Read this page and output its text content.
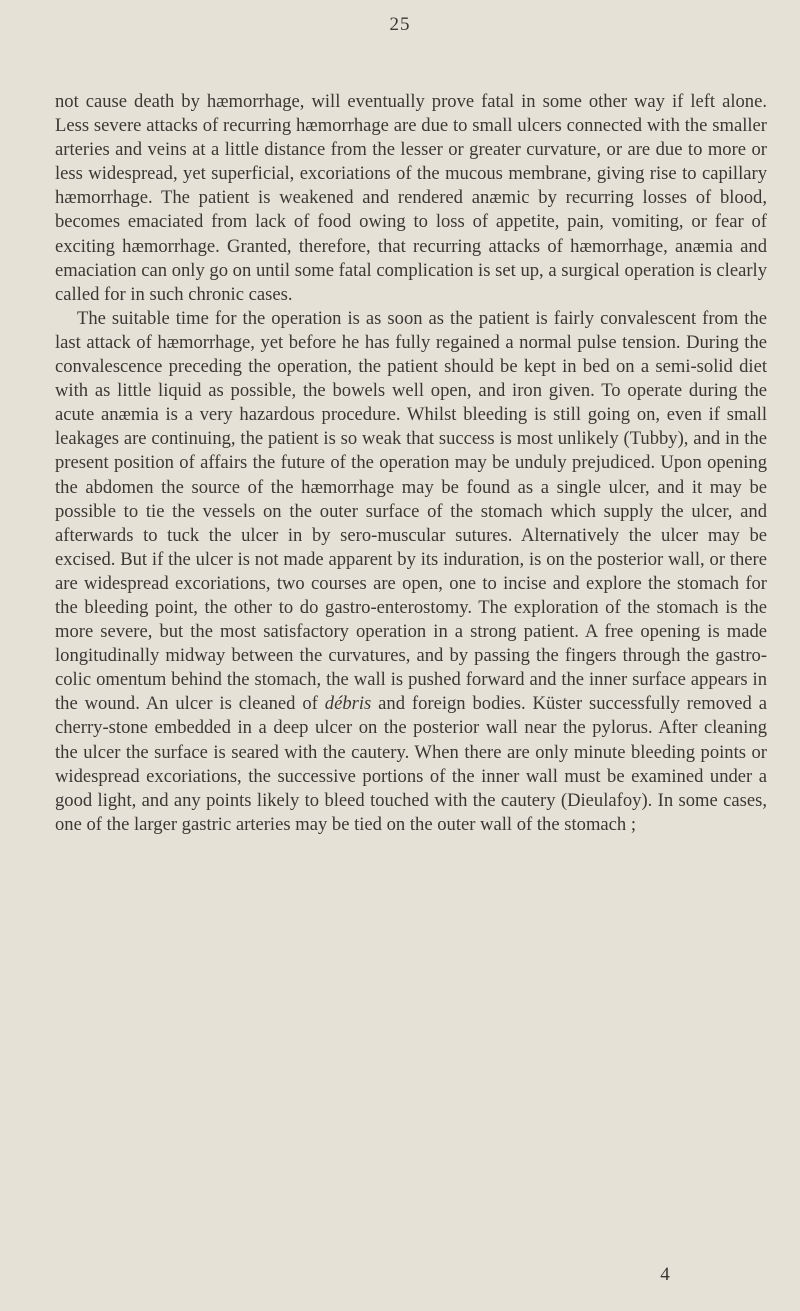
25

not cause death by hæmorrhage, will eventually prove fatal in some other way if left alone. Less severe attacks of recurring hæmorrhage are due to small ulcers connected with the smaller arteries and veins at a little distance from the lesser or greater curvature, or are due to more or less widespread, yet superficial, excoriations of the mucous membrane, giving rise to capillary hæmorrhage. The patient is weakened and rendered anæmic by recurring losses of blood, becomes emaciated from lack of food owing to loss of appetite, pain, vomiting, or fear of exciting hæmorrhage. Granted, therefore, that recurring attacks of hæmorrhage, anæmia and emaciation can only go on until some fatal complication is set up, a surgical operation is clearly called for in such chronic cases.

The suitable time for the operation is as soon as the patient is fairly convalescent from the last attack of hæmorrhage, yet before he has fully regained a normal pulse tension. During the convalescence preceding the operation, the patient should be kept in bed on a semi-solid diet with as little liquid as possible, the bowels well open, and iron given. To operate during the acute anæmia is a very hazardous procedure. Whilst bleeding is still going on, even if small leakages are continuing, the patient is so weak that success is most unlikely (Tubby), and in the present position of affairs the future of the operation may be unduly prejudiced. Upon opening the abdomen the source of the hæmorrhage may be found as a single ulcer, and it may be possible to tie the vessels on the outer surface of the stomach which supply the ulcer, and afterwards to tuck the ulcer in by sero-muscular sutures. Alternatively the ulcer may be excised. But if the ulcer is not made apparent by its induration, is on the posterior wall, or there are widespread excoriations, two courses are open, one to incise and explore the stomach for the bleeding point, the other to do gastro-enterostomy. The exploration of the stomach is the more severe, but the most satisfactory operation in a strong patient. A free opening is made longitudinally midway between the curvatures, and by passing the fingers through the gastro-colic omentum behind the stomach, the wall is pushed forward and the inner surface appears in the wound. An ulcer is cleaned of débris and foreign bodies. Küster successfully removed a cherry-stone embedded in a deep ulcer on the posterior wall near the pylorus. After cleaning the ulcer the surface is seared with the cautery. When there are only minute bleeding points or widespread excoriations, the successive portions of the inner wall must be examined under a good light, and any points likely to bleed touched with the cautery (Dieulafoy). In some cases, one of the larger gastric arteries may be tied on the outer wall of the stomach ;

4
